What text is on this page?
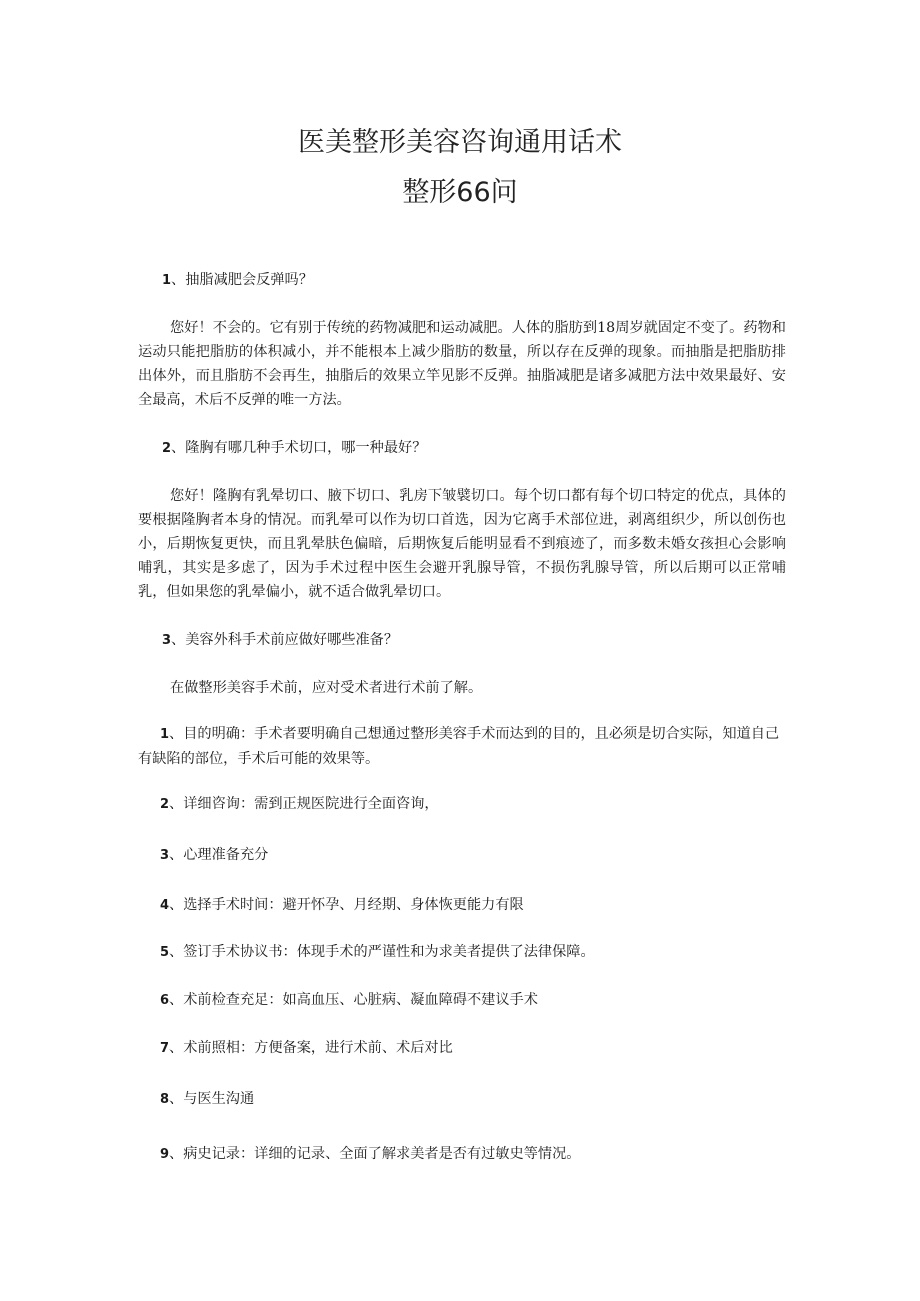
医美整形美容咨询通用话术
整形66问

1、抽脂减肥会反弹吗？

您好！不会的。它有别于传统的药物减肥和运动减肥。人体的脂肪到18周岁就固定不变了。药物和运动只能把脂肪的体积减小，并不能根本上减少脂肪的数量，所以存在反弹的现象。而抽脂是把脂肪排出体外，而且脂肪不会再生，抽脂后的效果立竿见影不反弹。抽脂减肥是诸多减肥方法中效果最好、安全最高，术后不反弹的唯一方法。

2、隆胸有哪几种手术切口，哪一种最好？

您好！隆胸有乳晕切口、腋下切口、乳房下皱襞切口。每个切口都有每个切口特定的优点，具体的要根据隆胸者本身的情况。而乳晕可以作为切口首选，因为它离手术部位进，剥离组织少，所以创伤也小，后期恢复更快，而且乳晕肤色偏暗，后期恢复后能明显看不到痕迹了，而多数未婚女孩担心会影响哺乳，其实是多虑了，因为手术过程中医生会避开乳腺导管，不损伤乳腺导管，所以后期可以正常哺乳，但如果您的乳晕偏小，就不适合做乳晕切口。

3、美容外科手术前应做好哪些准备？

在做整形美容手术前，应对受术者进行术前了解。

1、目的明确：手术者要明确自己想通过整形美容手术而达到的目的，且必须是切合实际，知道自己有缺陷的部位，手术后可能的效果等。

2、详细咨询：需到正规医院进行全面咨询，

3、心理准备充分

4、选择手术时间：避开怀孕、月经期、身体恢更能力有限

5、签订手术协议书：体现手术的严谨性和为求美者提供了法律保障。

6、术前检查充足：如高血压、心脏病、凝血障碍不建议手术

7、术前照相：方便备案，进行术前、术后对比

8、与医生沟通

9、病史记录：详细的记录、全面了解求美者是否有过敏史等情况。
